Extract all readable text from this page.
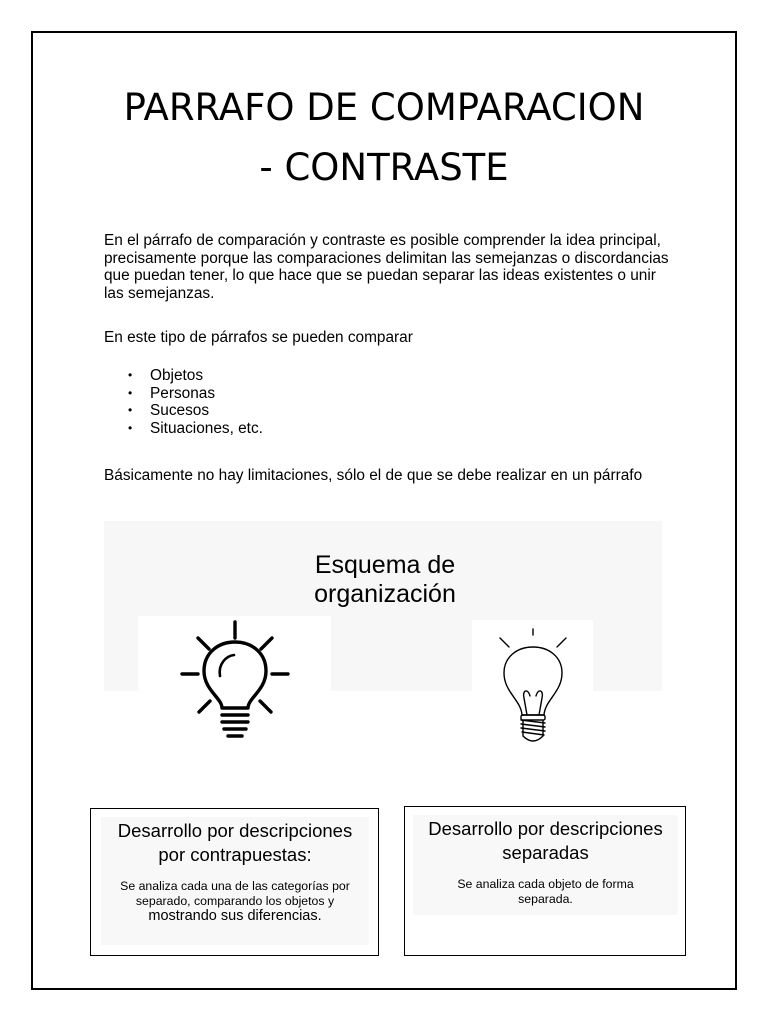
PARRAFO DE COMPARACION
- CONTRASTE
En el párrafo de comparación y contraste es posible comprender la idea principal, precisamente porque las comparaciones delimitan las semejanzas o discordancias que puedan tener, lo que hace que se puedan separar las ideas existentes o unir las semejanzas.
En este tipo de párrafos se pueden comparar
• Objetos
• Personas
• Sucesos
• Situaciones, etc.
Básicamente no hay limitaciones, sólo el de que se debe realizar en un párrafo
Esquema de
organización
Desarrollo por descripciones
por contrapuestas:
Se analiza cada una de las categorías por separado, comparando los objetos y mostrando sus diferencias.
Desarrollo por descripciones
separadas
Se analiza cada objeto de forma separada.
